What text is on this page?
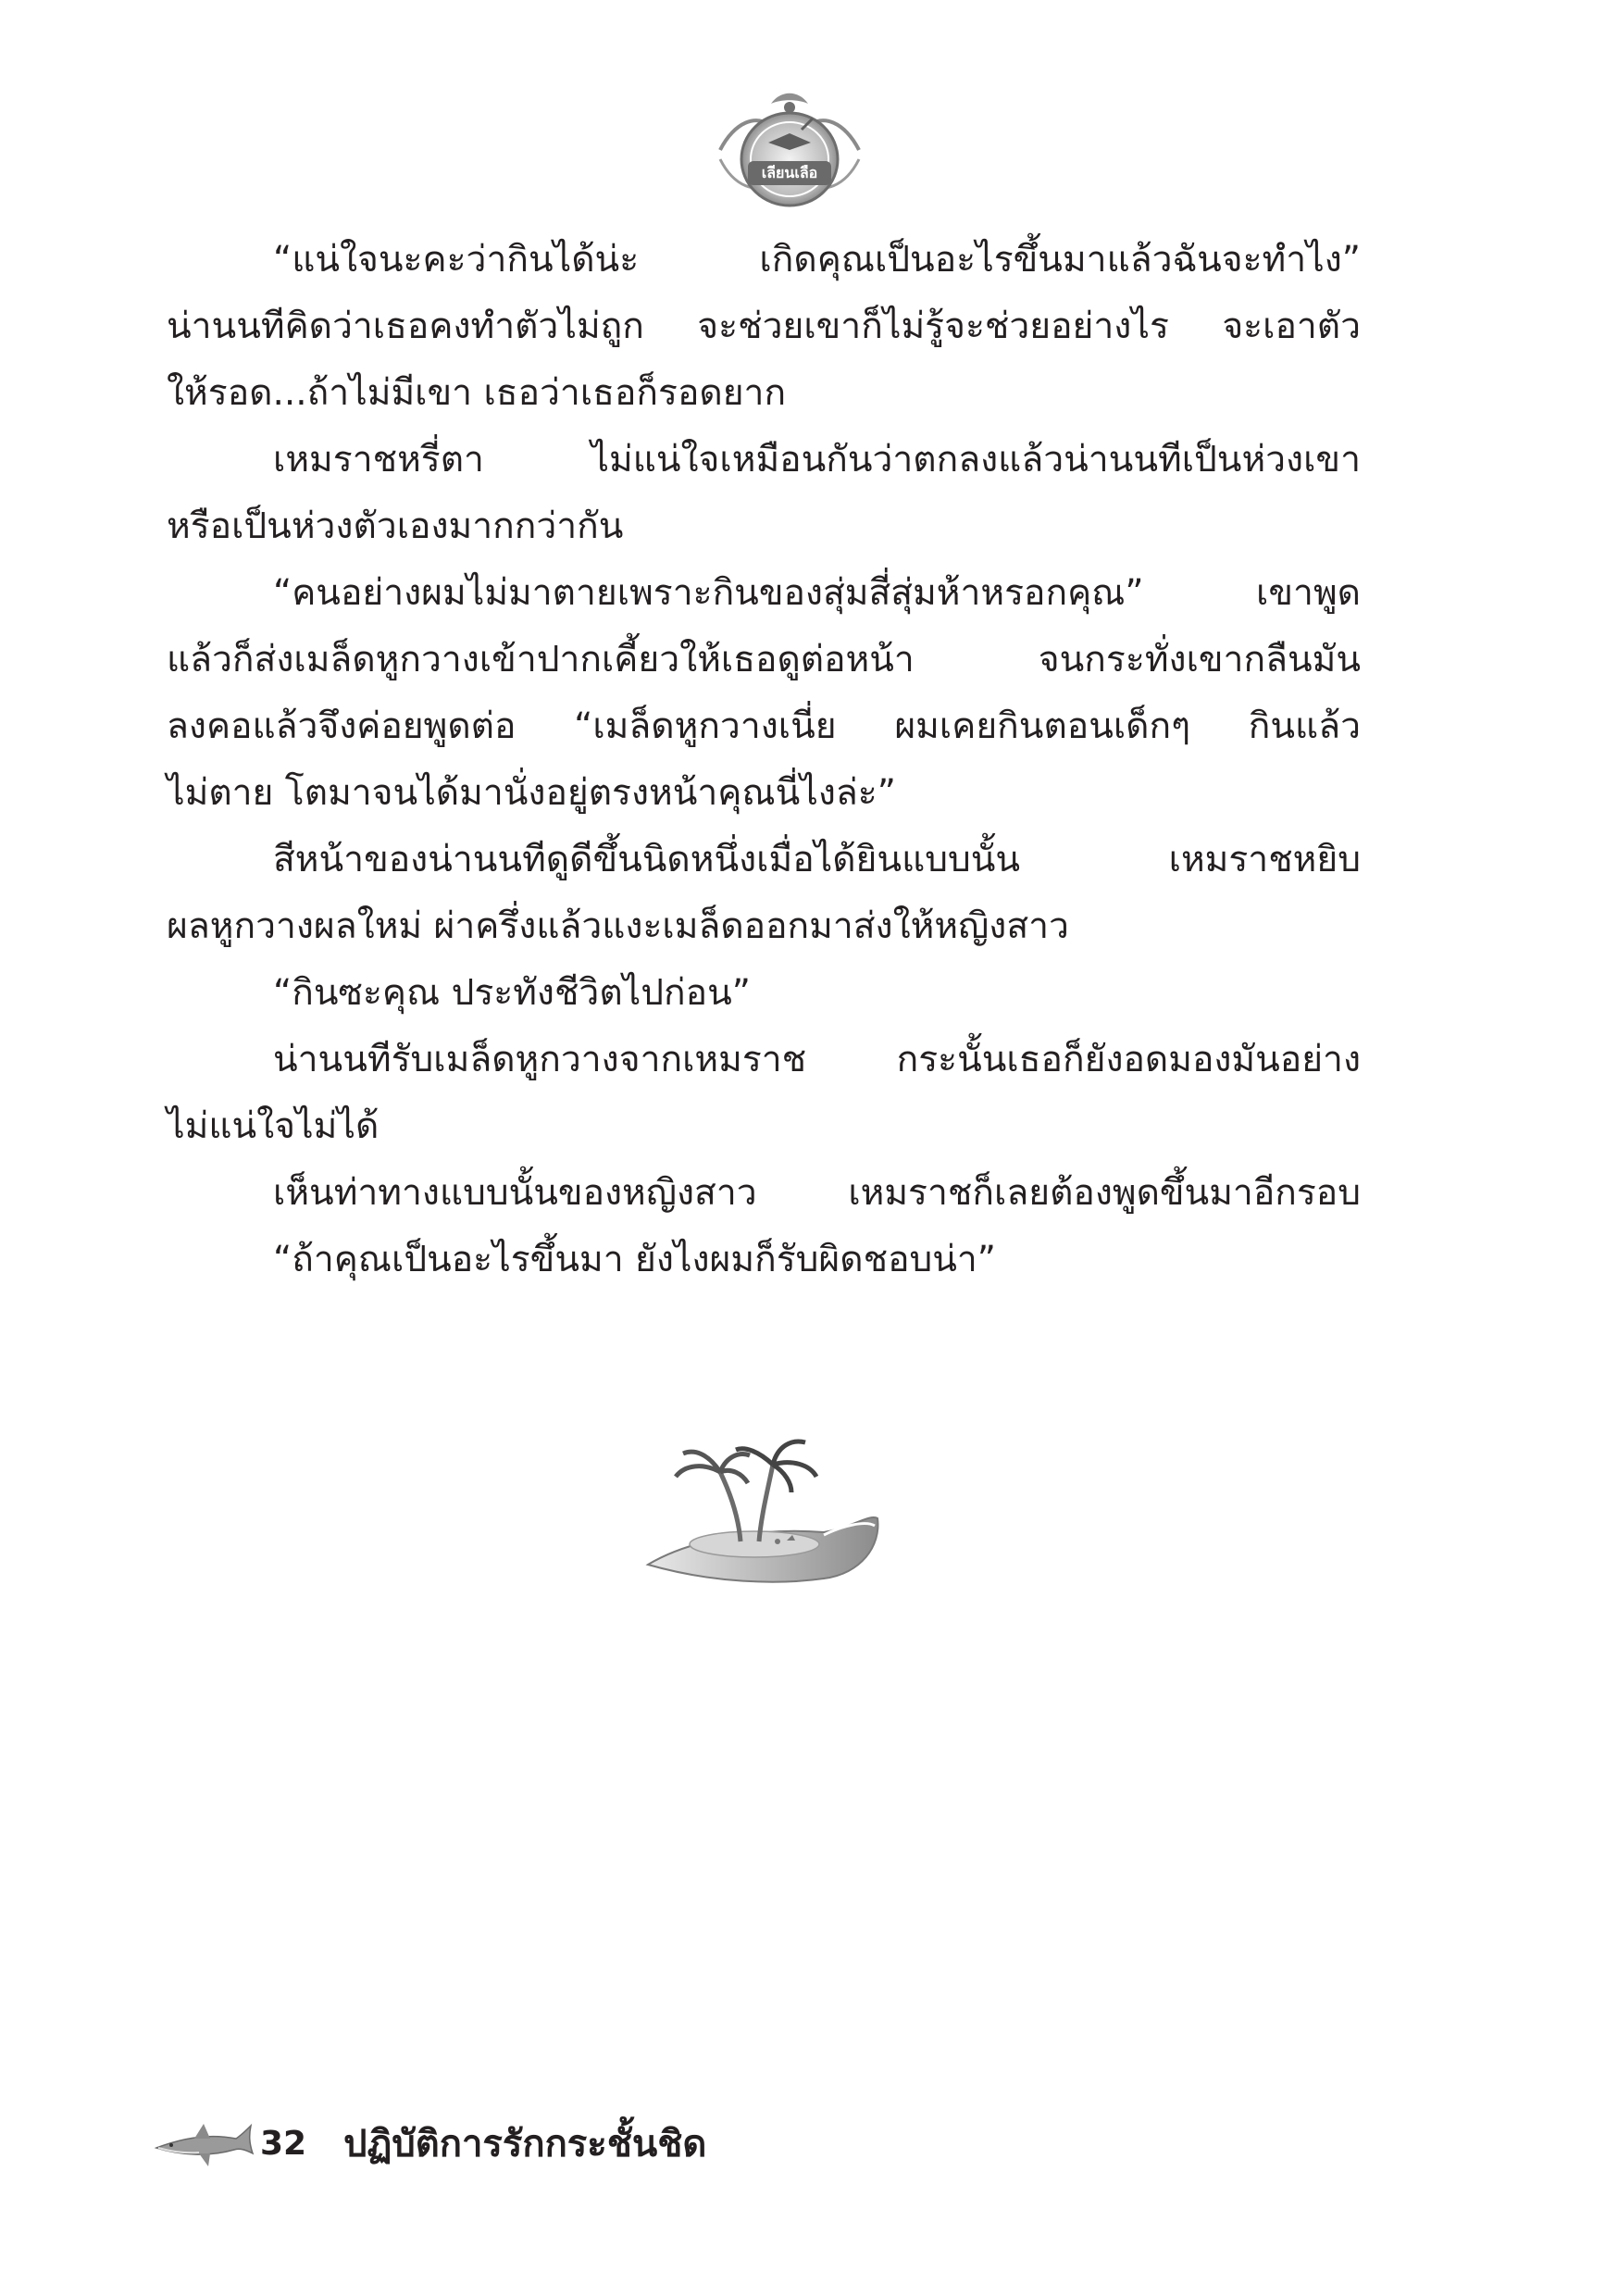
เลียนเลือ
“แน่ใจนะคะว่ากินได้น่ะ เกิดคุณเป็นอะไรขึ้นมาแล้วฉันจะทำไง”
น่านนทีคิดว่าเธอคงทำตัวไม่ถูก จะช่วยเขาก็ไม่รู้จะช่วยอย่างไร จะเอาตัว
ให้รอด...ถ้าไม่มีเขา เธอว่าเธอก็รอดยาก
เหมราชหรี่ตา ไม่แน่ใจเหมือนกันว่าตกลงแล้วน่านนทีเป็นห่วงเขา
หรือเป็นห่วงตัวเองมากกว่ากัน
“คนอย่างผมไม่มาตายเพราะกินของสุ่มสี่สุ่มห้าหรอกคุณ” เขาพูด
แล้วก็ส่งเมล็ดหูกวางเข้าปากเคี้ยวให้เธอดูต่อหน้า จนกระทั่งเขากลืนมัน
ลงคอแล้วจึงค่อยพูดต่อ “เมล็ดหูกวางเนี่ย ผมเคยกินตอนเด็กๆ กินแล้ว
ไม่ตาย โตมาจนได้มานั่งอยู่ตรงหน้าคุณนี่ไงล่ะ”
สีหน้าของน่านนทีดูดีขึ้นนิดหนึ่งเมื่อได้ยินแบบนั้น เหมราชหยิบ
ผลหูกวางผลใหม่ ผ่าครึ่งแล้วแงะเมล็ดออกมาส่งให้หญิงสาว
“กินซะคุณ ประทังชีวิตไปก่อน”
น่านนทีรับเมล็ดหูกวางจากเหมราช กระนั้นเธอก็ยังอดมองมันอย่าง
ไม่แน่ใจไม่ได้
เห็นท่าทางแบบนั้นของหญิงสาว เหมราชก็เลยต้องพูดขึ้นมาอีกรอบ
“ถ้าคุณเป็นอะไรขึ้นมา ยังไงผมก็รับผิดชอบน่า”
32 ปฏิบัติการรักกระชั้นชิด
